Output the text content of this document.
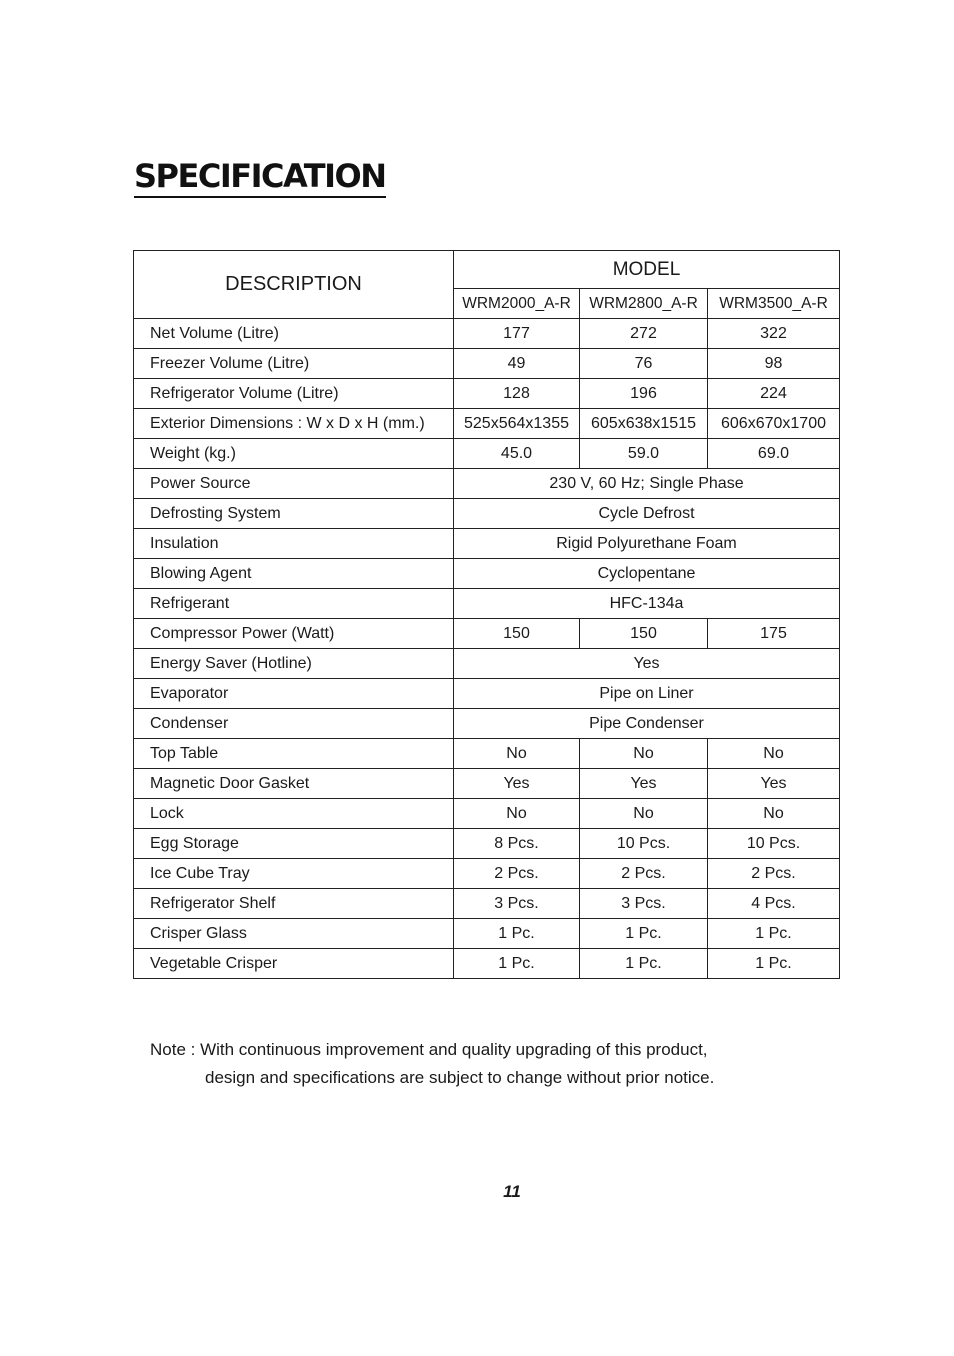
SPECIFICATION
DESCRIPTION	MODEL		
	WRM2000_A-R	WRM2800_A-R	WRM3500_A-R
Net Volume (Litre)	177	272	322
Freezer Volume (Litre)	49	76	98
Refrigerator Volume (Litre)	128	196	224
Exterior Dimensions : W x D x H (mm.)	525x564x1355	605x638x1515	606x670x1700
Weight (kg.)	45.0	59.0	69.0
Power Source	230 V, 60 Hz; Single Phase		
Defrosting System	Cycle Defrost		
Insulation	Rigid Polyurethane Foam		
Blowing Agent	Cyclopentane		
Refrigerant	HFC-134a		
Compressor Power (Watt)	150	150	175
Energy Saver (Hotline)	Yes		
Evaporator	Pipe on Liner		
Condenser	Pipe Condenser		
Top Table	No	No	No
Magnetic Door Gasket	Yes	Yes	Yes
Lock	No	No	No
Egg Storage	8 Pcs.	10 Pcs.	10 Pcs.
Ice Cube Tray	2 Pcs.	2 Pcs.	2 Pcs.
Refrigerator Shelf	3 Pcs.	3 Pcs.	4 Pcs.
Crisper Glass	1 Pc.	1 Pc.	1 Pc.
Vegetable Crisper	1 Pc.	1 Pc.	1 Pc.
Note : With continuous improvement and quality upgrading of this product,
design and specifications are subject to change without prior notice.
11
